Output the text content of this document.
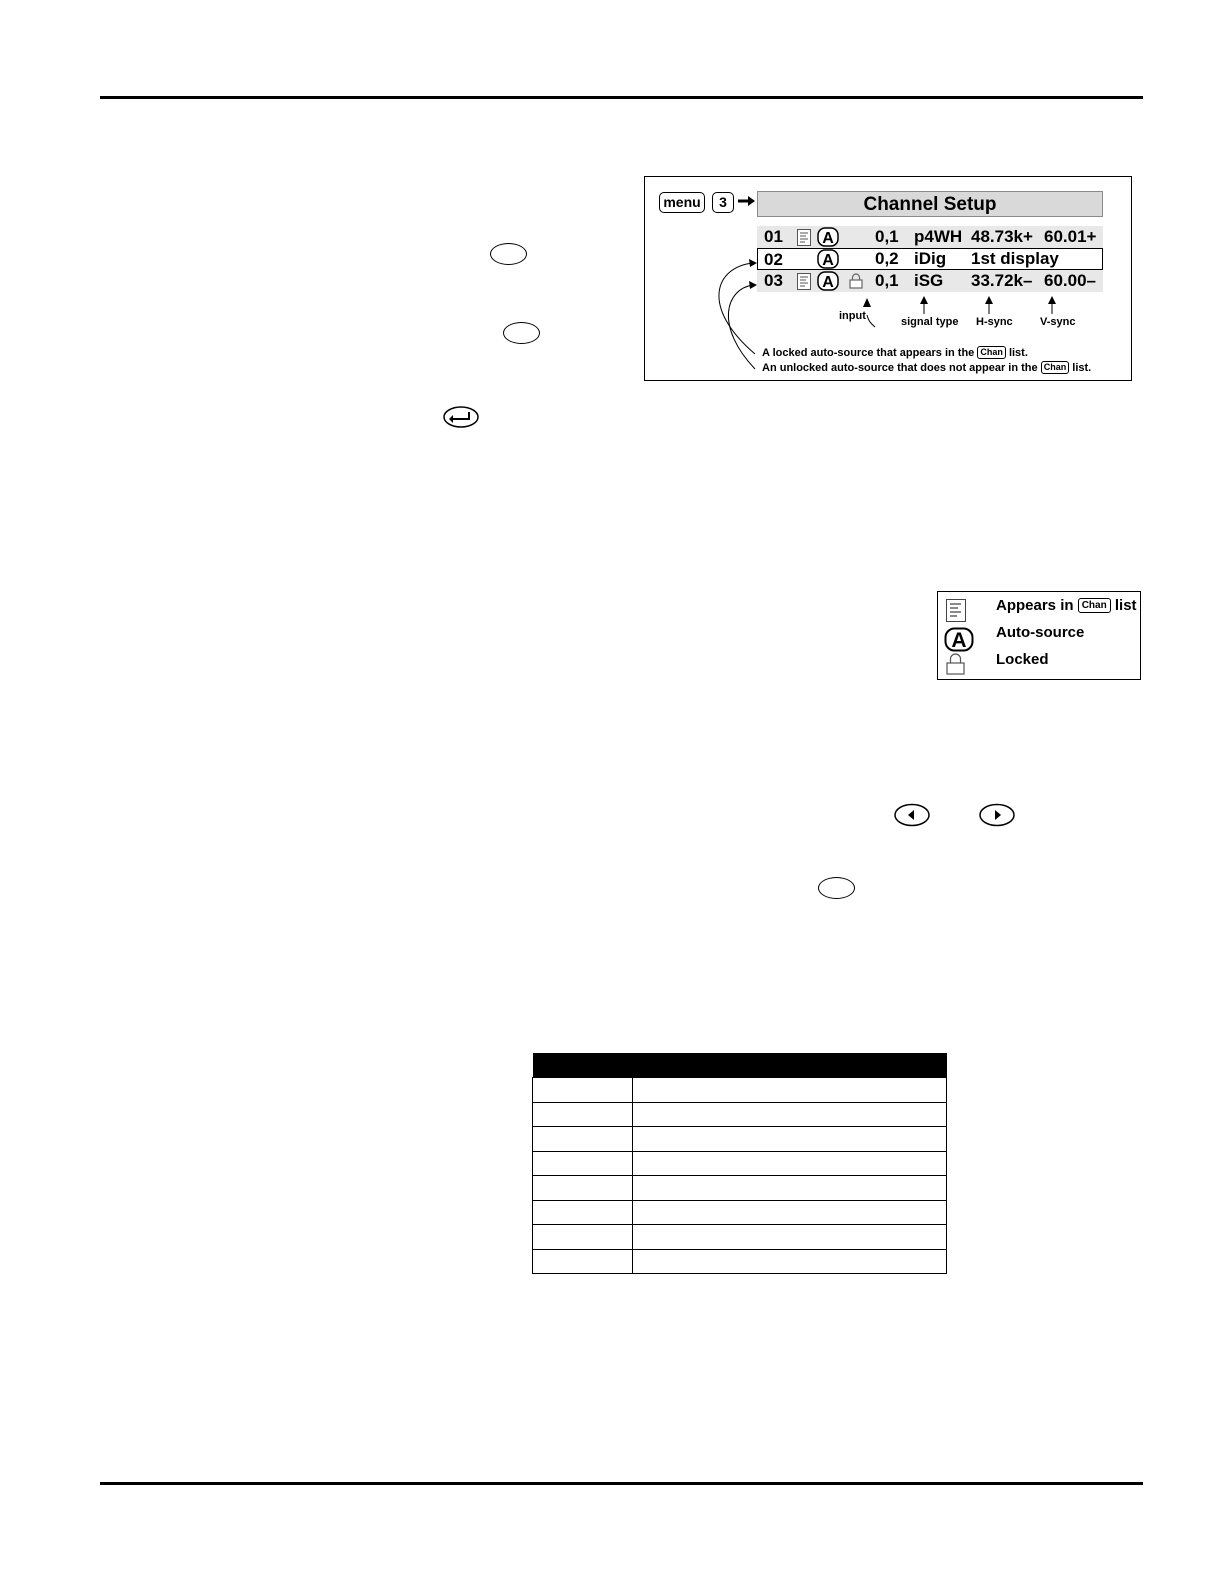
menu	3	Channel Setup
01 A 0,1 p4WH 48.73k+ 60.01+
02 A 0,2 iDig 1st display
03 A 0,1 iSG 33.72k– 60.00–
input	signal type H-sync V-sync
A locked auto-source that appears in the Chan list.
An unlocked auto-source that does not appear in the Chan list.
Appears in Chan list
A Auto-source
Locked
